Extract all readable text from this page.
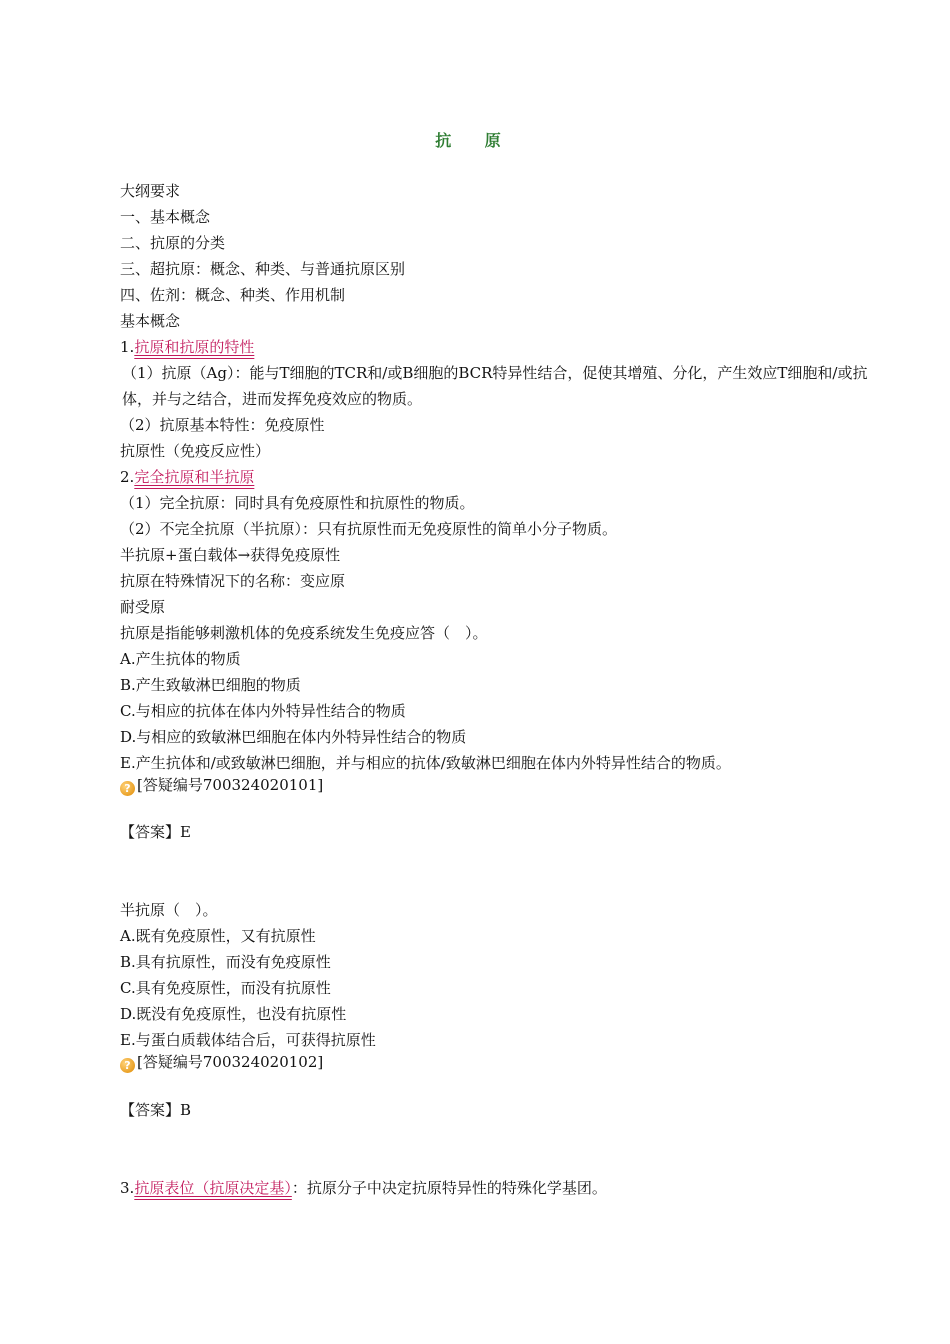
抗 原
大纲要求
一、基本概念
二、抗原的分类
三、超抗原：概念、种类、与普通抗原区别
四、佐剂：概念、种类、作用机制
基本概念
1.抗原和抗原的特性
（1）抗原（Ag）：能与T细胞的TCR和/或B细胞的BCR特异性结合，促使其增殖、分化，产生效应T细胞和/或抗体，并与之结合，进而发挥免疫效应的物质。
（2）抗原基本特性：免疫原性
抗原性（免疫反应性）
2.完全抗原和半抗原
（1）完全抗原：同时具有免疫原性和抗原性的物质。
（2）不完全抗原（半抗原）：只有抗原性而无免疫原性的简单小分子物质。
半抗原+蛋白载体→获得免疫原性
抗原在特殊情况下的名称：变应原
耐受原
抗原是指能够刺激机体的免疫系统发生免疫应答（　）。
A.产生抗体的物质
B.产生致敏淋巴细胞的物质
C.与相应的抗体在体内外特异性结合的物质
D.与相应的致敏淋巴细胞在体内外特异性结合的物质
E.产生抗体和/或致敏淋巴细胞，并与相应的抗体/致敏淋巴细胞在体内外特异性结合的物质。
? [答疑编号700324020101]
【答案】E
半抗原（　）。
A.既有免疫原性，又有抗原性
B.具有抗原性，而没有免疫原性
C.具有免疫原性，而没有抗原性
D.既没有免疫原性，也没有抗原性
E.与蛋白质载体结合后，可获得抗原性
? [答疑编号700324020102]
【答案】B
3.抗原表位（抗原决定基）：抗原分子中决定抗原特异性的特殊化学基团。
